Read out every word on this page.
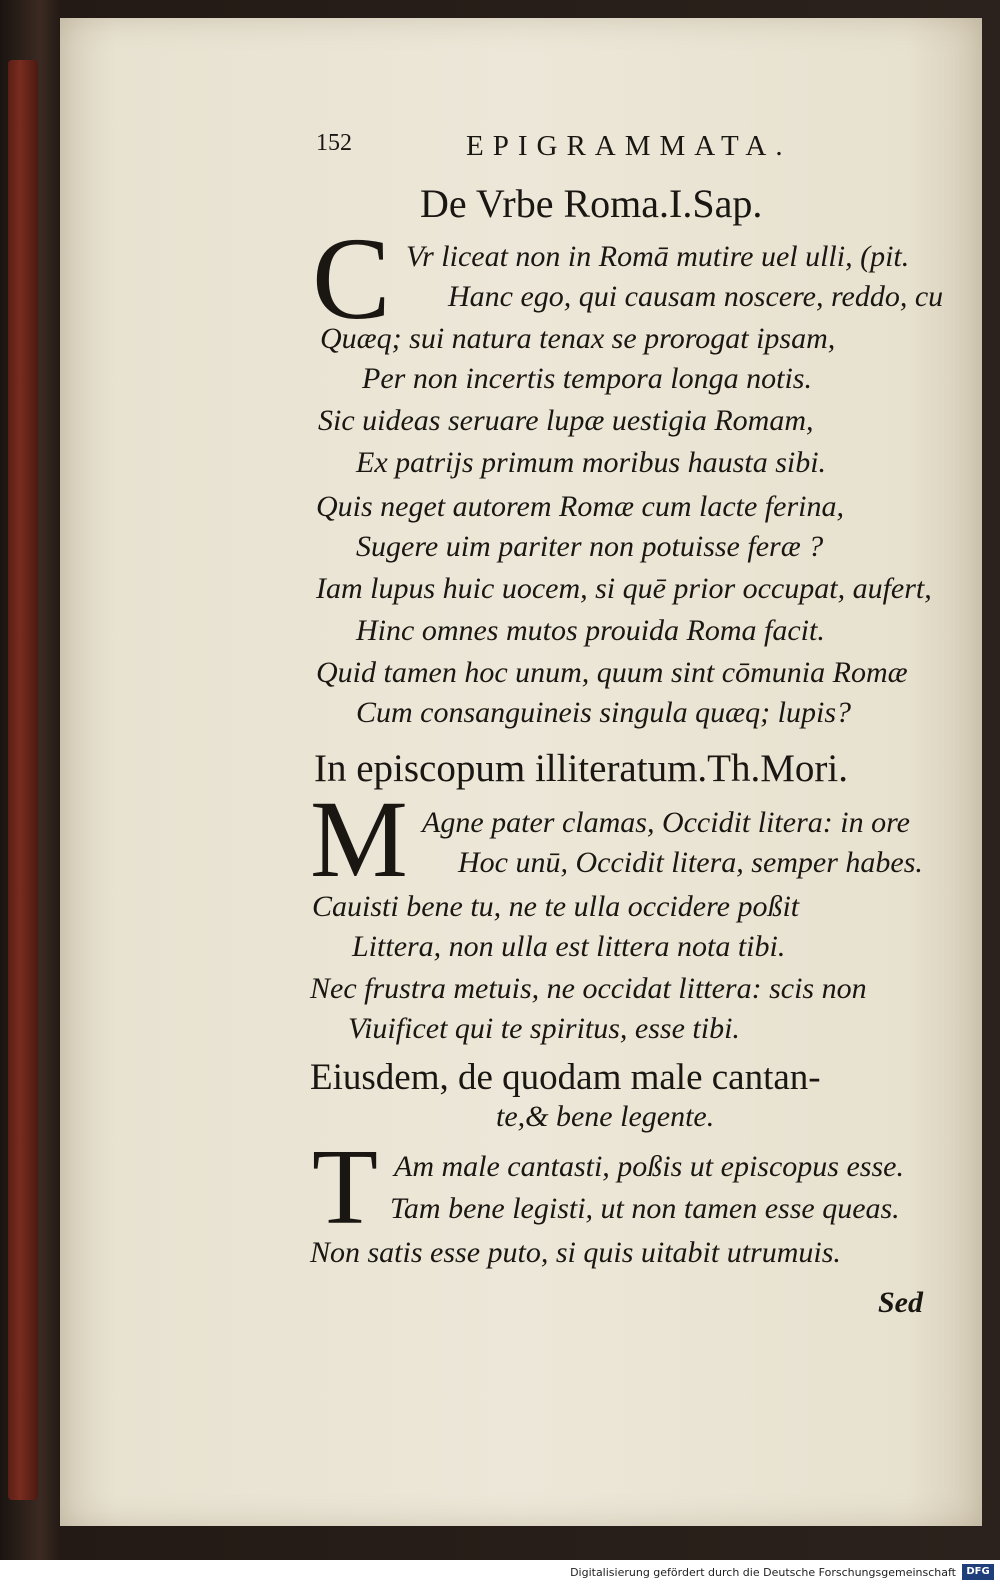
152	EPIGRAMMATA.
De Vrbe Roma.I.Sap.
C Vr liceat non in Romā mutire uel ulli, (pit.
Hanc ego, qui causam noscere, reddo, cu
Quæq; sui natura tenax se prorogat ipsam,
Per non incertis tempora longa notis.
Sic uideas seruare lupæ uestigia Romam,
Ex patrijs primum moribus hausta sibi.
Quis neget autorem Romæ cum lacte ferina,
Sugere uim pariter non potuisse feræ ?
Iam lupus huic uocem, si quē prior occupat, aufert,
Hinc omnes mutos prouida Roma facit.
Quid tamen hoc unum, quum sint cōmunia Romæ
Cum consanguineis singula quæq; lupis?
In episcopum illiteratum.Th.Mori.
M Agne pater clamas, Occidit litera: in ore
Hoc unū, Occidit litera, semper habes.
Cauisti bene tu, ne te ulla occidere poßit
Littera, non ulla est littera nota tibi.
Nec frustra metuis, ne occidat littera: scis non
Viuificet qui te spiritus, esse tibi.
Eiusdem, de quodam male cantan-
te,& bene legente.
T Am male cantasti, poßis ut episcopus esse.
Tam bene legisti, ut non tamen esse queas.
Non satis esse puto, si quis uitabit utrumuis.
Sed
Digitalisierung gefördert durch die Deutsche Forschungsgemeinschaft	DFG
